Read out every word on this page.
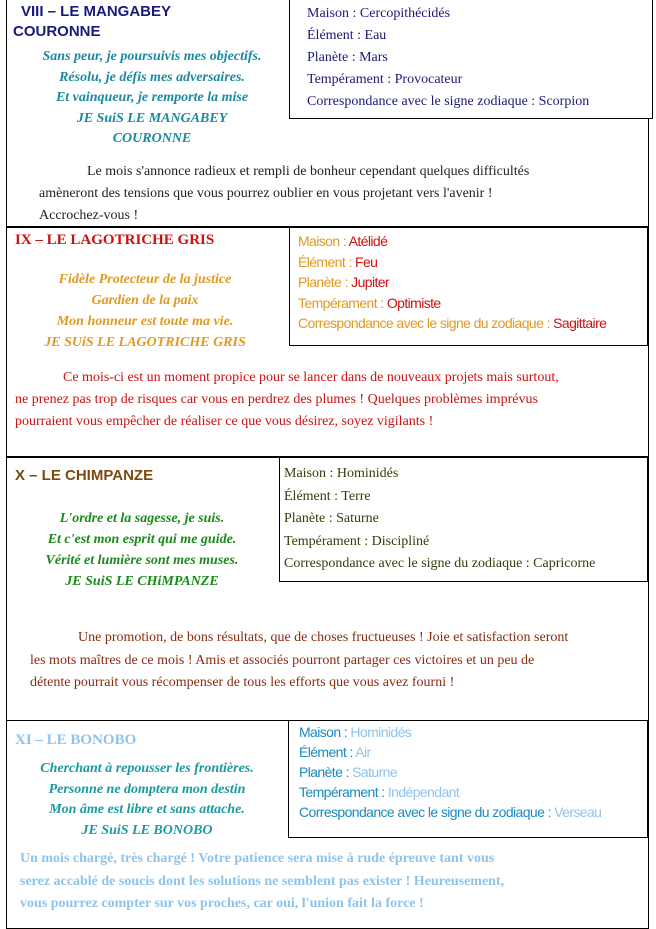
VIII – LE MANGABEY
COURONNE
Sans peur, je poursuivis mes objectifs.
Résolu, je défis mes adversaires.
Et vainqueur, je remporte la mise
JE SuiS LE MANGABEY
COURONNE
Maison : Cercopithécidés
Élément : Eau
Planète : Mars
Tempérament : Provocateur
Correspondance avec le signe zodiaque : Scorpion
Le mois s'annonce radieux et rempli de bonheur cependant quelques difficultés
amèneront des tensions que vous pourrez oublier en vous projetant vers l'avenir !
Accrochez-vous !
IX – LE LAGOTRICHE GRIS
Fidèle Protecteur de la justice
Gardien de la paix
Mon honneur est toute ma vie.
JE SUiS LE LAGOTRICHE GRIS
Maison : Atélidé
Élément : Feu
Planète : Jupiter
Tempérament : Optimiste
Correspondance avec le signe du zodiaque : Sagittaire
Ce mois-ci est un moment propice pour se lancer dans de nouveaux projets mais surtout,
ne prenez pas trop de risques car vous en perdrez des plumes ! Quelques problèmes imprévus
pourraient vous empêcher de réaliser ce que vous désirez, soyez vigilants !
X – LE CHIMPANZE
L'ordre et la sagesse, je suis.
Et c'est mon esprit qui me guide.
Vérité et lumière sont mes muses.
JE SuiS LE CHiMPANZE
Maison : Hominidés
Élément : Terre
Planète : Saturne
Tempérament : Discipliné
Correspondance avec le signe du zodiaque : Capricorne
Une promotion, de bons résultats, que de choses fructueuses ! Joie et satisfaction seront
les mots maîtres de ce mois ! Amis et associés pourront partager ces victoires et un peu de
détente pourrait vous récompenser de tous les efforts que vous avez fourni !
XI – LE BONOBO
Cherchant à repousser les frontières.
Personne ne domptera mon destin
Mon âme est libre et sans attache.
JE SuiS LE BONOBO
Maison : Hominidés
Élément : Air
Planète : Saturne
Tempérament : Indépendant
Correspondance avec le signe du zodiaque : Verseau
Un mois chargé, très chargé ! Votre patience sera mise à rude épreuve tant vous
serez accablé de soucis dont les solutions ne semblent pas exister ! Heureusement,
vous pourrez compter sur vos proches, car oui, l'union fait la force !
